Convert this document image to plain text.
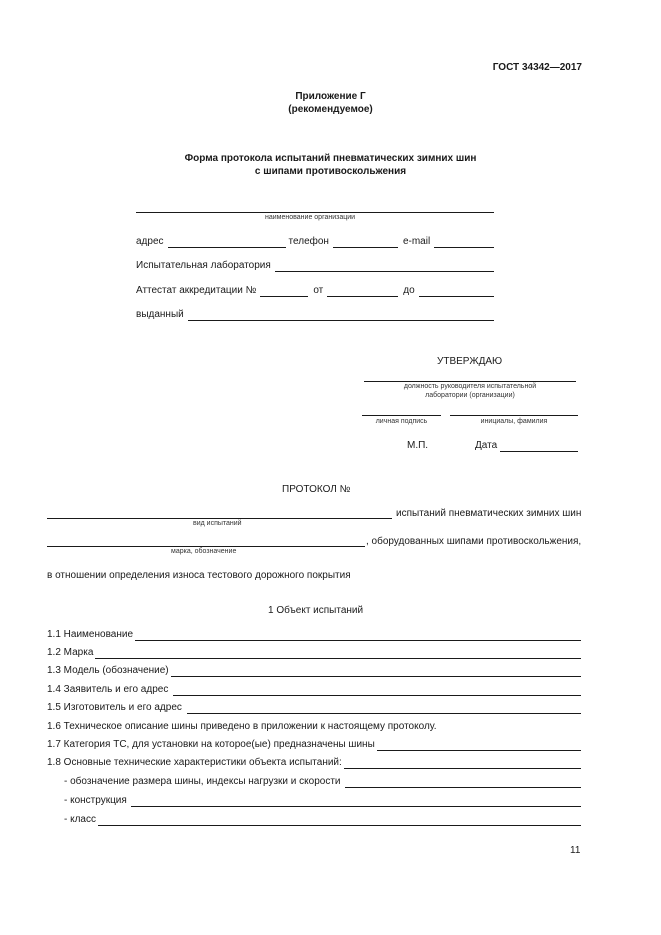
ГОСТ 34342—2017
Приложение Г
(рекомендуемое)
Форма протокола испытаний пневматических зимних шин
с шипами противоскольжения
наименование организации
адрес	телефон	e-mail
Испытательная лаборатория
Аттестат аккредитации №	от	до
выданный
УТВЕРЖДАЮ
должность руководителя испытательной
лаборатории (организации)
личная подпись	инициалы, фамилия
М.П.	Дата
ПРОТОКОЛ №
испытаний пневматических зимних шин
вид испытаний
, оборудованных шипами противоскольжения,
марка, обозначение
в отношении определения износа тестового дорожного покрытия
1 Объект испытаний
1.1 Наименование
1.2 Марка
1.3 Модель (обозначение)
1.4 Заявитель и его адрес
1.5 Изготовитель и его адрес
1.6 Техническое описание шины приведено в приложении к настоящему протоколу.
1.7 Категория ТС, для установки на которое(ые) предназначены шины
1.8 Основные технические характеристики объекта испытаний:
- обозначение размера шины, индексы нагрузки и скорости
- конструкция
- класс
11
